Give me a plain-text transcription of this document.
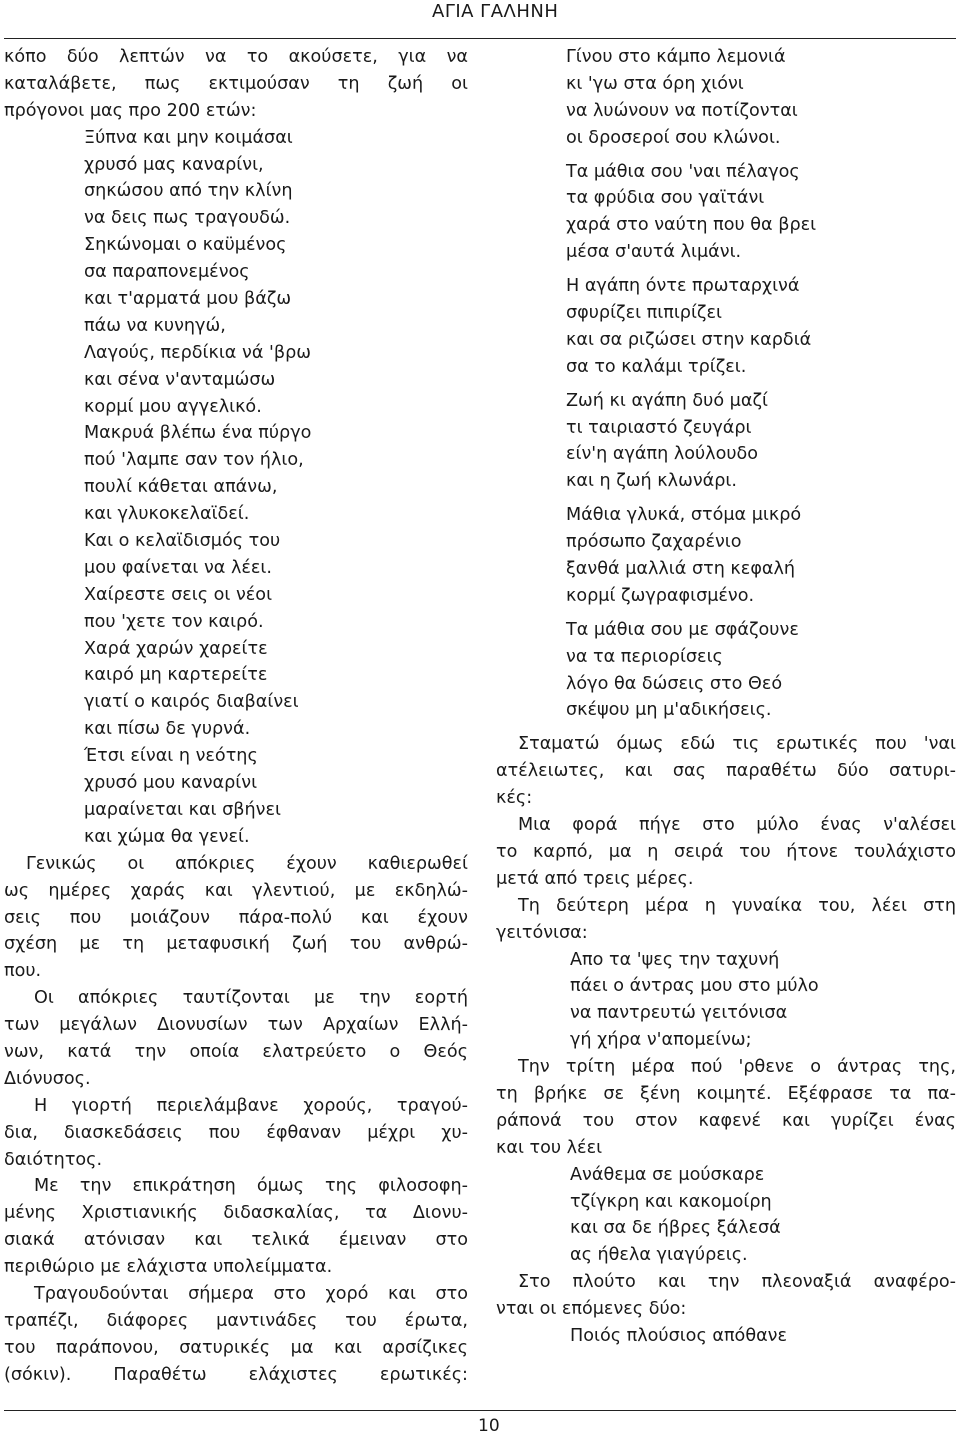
ΑΓΙΑ ΓΑΛΗΝΗ
κόπο δύο λεπτών να το ακούσετε, για να
καταλάβετε, πως εκτιμούσαν τη ζωή οι
πρόγονοι μας προ 200 ετών:
Ξύπνα και μην κοιμάσαι
χρυσό μας καναρίνι,
σηκώσου από την κλίνη
να δεις πως τραγουδώ.
Σηκώνομαι ο καϋμένος
σα παραπονεμένος
και τ'αρματά μου βάζω
πάω να κυνηγώ,
Λαγούς, περδίκια νά 'βρω
και σένα ν'ανταμώσω
κορμί μου αγγελικό.
Μακρυά βλέπω ένα πύργο
πού 'λαμπε σαν τον ήλιο,
πουλί κάθεται απάνω,
και γλυκοκελαϊδεί.
Και ο κελαϊδισμός του
μου φαίνεται να λέει.
Χαίρεστε σεις οι νέοι
που 'χετε τον καιρό.
Χαρά χαρών χαρείτε
καιρό μη καρτερείτε
γιατί ο καιρός διαβαίνει
και πίσω δε γυρνά.
Έτσι είναι η νεότης
χρυσό μου καναρίνι
μαραίνεται και σβήνει
και χώμα θα γενεί.
Γενικώς οι απόκριες έχουν καθιερωθεί
ως ημέρες χαράς και γλεντιού, με εκδηλώ-
σεις που μοιάζουν πάρα-πολύ και έχουν
σχέση με τη μεταφυσική ζωή του ανθρώ-
πoυ.
Οι απόκριες ταυτίζονται με την εορτή
των μεγάλων Διονυσίων των Αρχαίων Ελλή-
νων, κατά την οποία ελατρεύετο ο Θεός
Διόνυσος.
Η γιορτή περιελάμβανε χορούς, τραγού-
δια, διασκεδάσεις που έφθαναν μέχρι χυ-
δαιότητος.
Με την επικράτηση όμως της φιλοσοφη-
μένης Χριστιανικής διδασκαλίας, τα Διονυ-
σιακά ατόνισαν και τελικά έμειναν στο
περιθώριο με ελάχιστα υπολείμματα.
Τραγουδούνται σήμερα στο χορό και στο
τραπέζι, διάφορες μαντινάδες του έρωτα,
του παράπονου, σατυρικές μα και αρσίζικες
(σόκιν). Παραθέτω ελάχιστες ερωτικές:
Γίνου στο κάμπο λεμονιά
κι 'γω στα όρη χιόνι
να λυώνουν να ποτίζονται
οι δροσεροί σου κλώνοι.
Τα μάθια σου 'ναι πέλαγος
τα φρύδια σου γαϊτάνι
χαρά στο ναύτη που θα βρει
μέσα σ'αυτά λιμάνι.
Η αγάπη όντε πρωταρχινά
σφυρίζει πιπιρίζει
και σα ριζώσει στην καρδιά
σα το καλάμι τρίζει.
Ζωή κι αγάπη δυό μαζί
τι ταιριαστό ζευγάρι
είν'η αγάπη λούλουδο
και η ζωή κλωνάρι.
Μάθια γλυκά, στόμα μικρό
πρόσωπο ζαχαρένιο
ξανθά μαλλιά στη κεφαλή
κορμί ζωγραφισμένο.
Τα μάθια σου με σφάζουνε
να τα περιορίσεις
λόγο θα δώσεις στο Θεό
σκέψου μη μ'αδικήσεις.
Σταματώ όμως εδώ τις ερωτικές που 'ναι
ατέλειωτες, και σας παραθέτω δύο σατυρι-
κές:
Μια φορά πήγε στο μύλο ένας ν'αλέσει
το καρπό, μα η σειρά του ήτονε τουλάχιστο
μετά από τρεις μέρες.
Τη δεύτερη μέρα η γυναίκα του, λέει στη
γειτόνισα:
Απο τα 'ψες την ταχυνή
πάει ο άντρας μου στο μύλο
να παντρευτώ γειτόνισα
γή χήρα ν'απομείνω;
Την τρίτη μέρα πού 'ρθενε ο άντρας της,
τη βρήκε σε ξένη κοιμητέ. Εξέφρασε τα πα-
ράπονά του στον καφενέ και γυρίζει ένας
και του λέει
Ανάθεμα σε μούσκαρε
τζίγκρη και κακομοίρη
και σα δε ήβρες ξάλεσά
ας ήθελα γιαγύρεις.
Στο πλούτο και την πλεοναξιά αναφέρο-
νται οι επόμενες δύο:
Ποιός πλούσιος απόθανε
10
